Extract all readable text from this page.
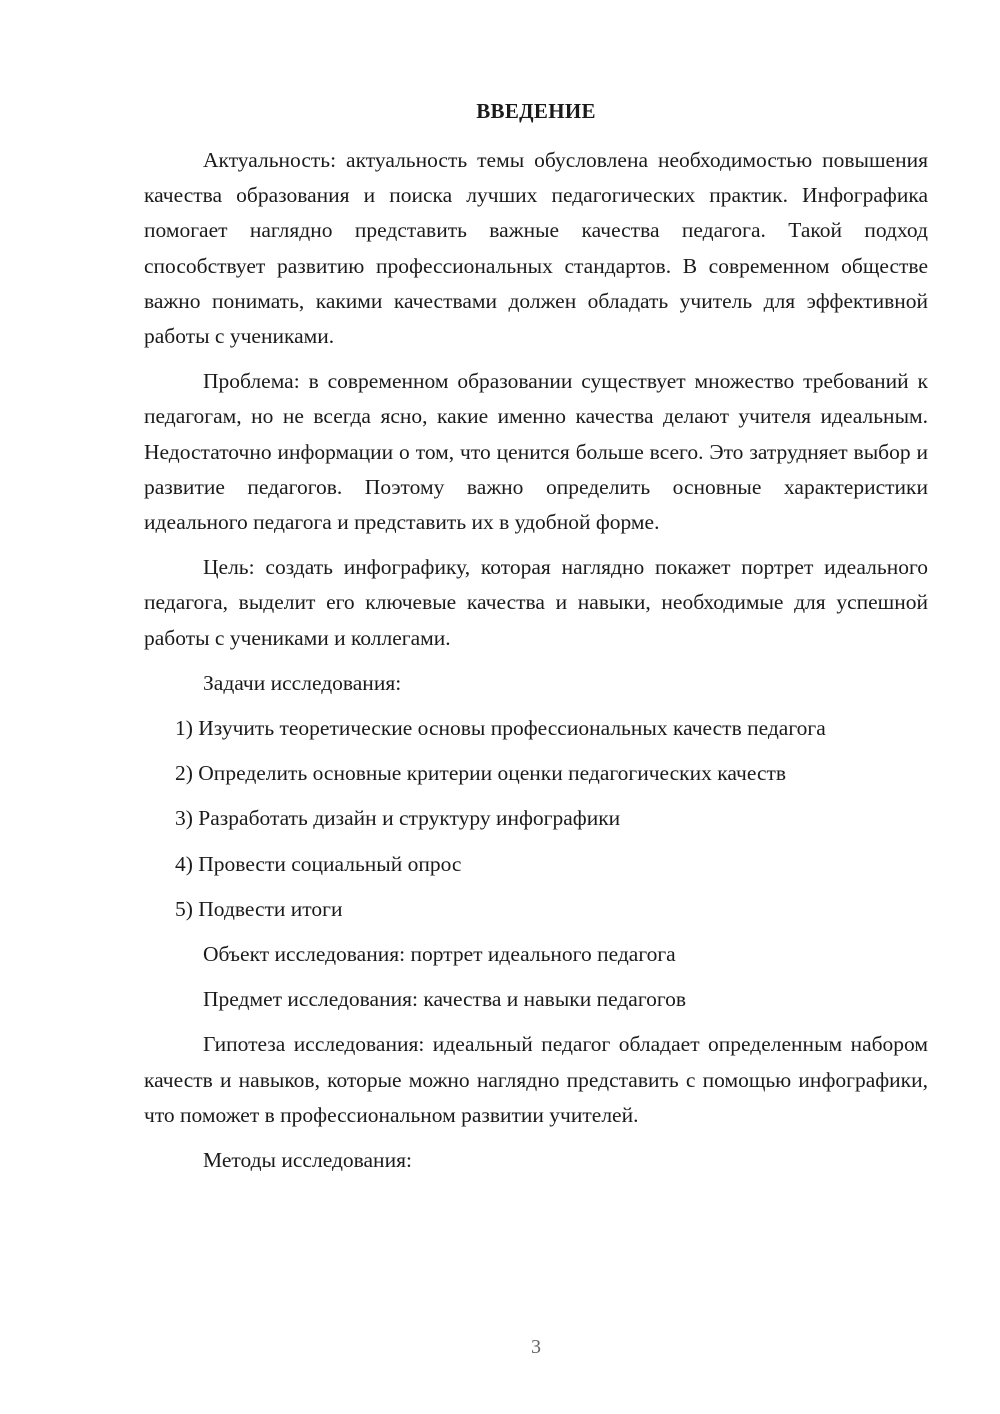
ВВЕДЕНИЕ

Актуальность: актуальность темы обусловлена необходимостью повышения качества образования и поиска лучших педагогических практик. Инфографика помогает наглядно представить важные качества педагога. Такой подход способствует развитию профессиональных стандартов. В современном обществе важно понимать, какими качествами должен обладать учитель для эффективной работы с учениками.

Проблема: в современном образовании существует множество требований к педагогам, но не всегда ясно, какие именно качества делают учителя идеальным. Недостаточно информации о том, что ценится больше всего. Это затрудняет выбор и развитие педагогов. Поэтому важно определить основные характеристики идеального педагога и представить их в удобной форме.

Цель: создать инфографику, которая наглядно покажет портрет идеального педагога, выделит его ключевые качества и навыки, необходимые для успешной работы с учениками и коллегами.

Задачи исследования:

1) Изучить теоретические основы профессиональных качеств педагога

2) Определить основные критерии оценки педагогических качеств

3) Разработать дизайн и структуру инфографики

4) Провести социальный опрос

5) Подвести итоги

Объект исследования: портрет идеального педагога

Предмет исследования: качества и навыки педагогов

Гипотеза исследования: идеальный педагог обладает определенным набором качеств и навыков, которые можно наглядно представить с помощью инфографики, что поможет в профессиональном развитии учителей.

Методы исследования:

3
